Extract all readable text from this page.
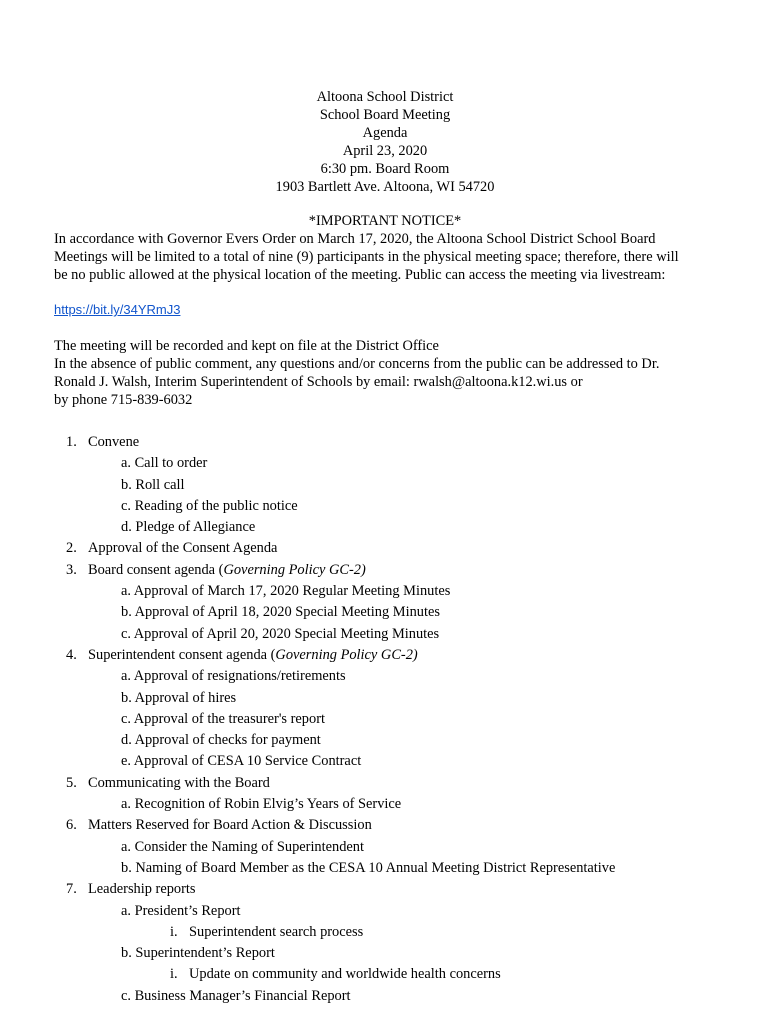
Altoona School District
School Board Meeting
Agenda
April 23, 2020
6:30 pm. Board Room
1903 Bartlett Ave. Altoona, WI 54720
*IMPORTANT NOTICE*
In accordance with Governor Evers Order on March 17, 2020, the Altoona School District School Board
Meetings will be limited to a total of nine (9) participants in the physical meeting space; therefore, there will
be no public allowed at the physical location of the meeting. Public can access the meeting via livestream:
https://bit.ly/34YRmJ3
The meeting will be recorded and kept on file at the District Office
In the absence of public comment, any questions and/or concerns from the public can be addressed to Dr.
Ronald J. Walsh, Interim Superintendent of Schools by email: rwalsh@altoona.k12.wi.us or
by phone 715-839-6032
1. Convene
a. Call to order
b. Roll call
c. Reading of the public notice
d. Pledge of Allegiance
2. Approval of the Consent Agenda
3. Board consent agenda (Governing Policy GC-2)
a. Approval of March 17, 2020 Regular Meeting Minutes
b. Approval of April 18, 2020 Special Meeting Minutes
c. Approval of April 20, 2020 Special Meeting Minutes
4. Superintendent consent agenda (Governing Policy GC-2)
a. Approval of resignations/retirements
b. Approval of hires
c. Approval of the treasurer's report
d. Approval of checks for payment
e. Approval of CESA 10 Service Contract
5. Communicating with the Board
a. Recognition of Robin Elvig’s Years of Service
6. Matters Reserved for Board Action & Discussion
a. Consider the Naming of Superintendent
b. Naming of Board Member as the CESA 10 Annual Meeting District Representative
7. Leadership reports
a. President’s Report
i. Superintendent search process
b. Superintendent’s Report
i. Update on community and worldwide health concerns
c. Business Manager’s Financial Report
